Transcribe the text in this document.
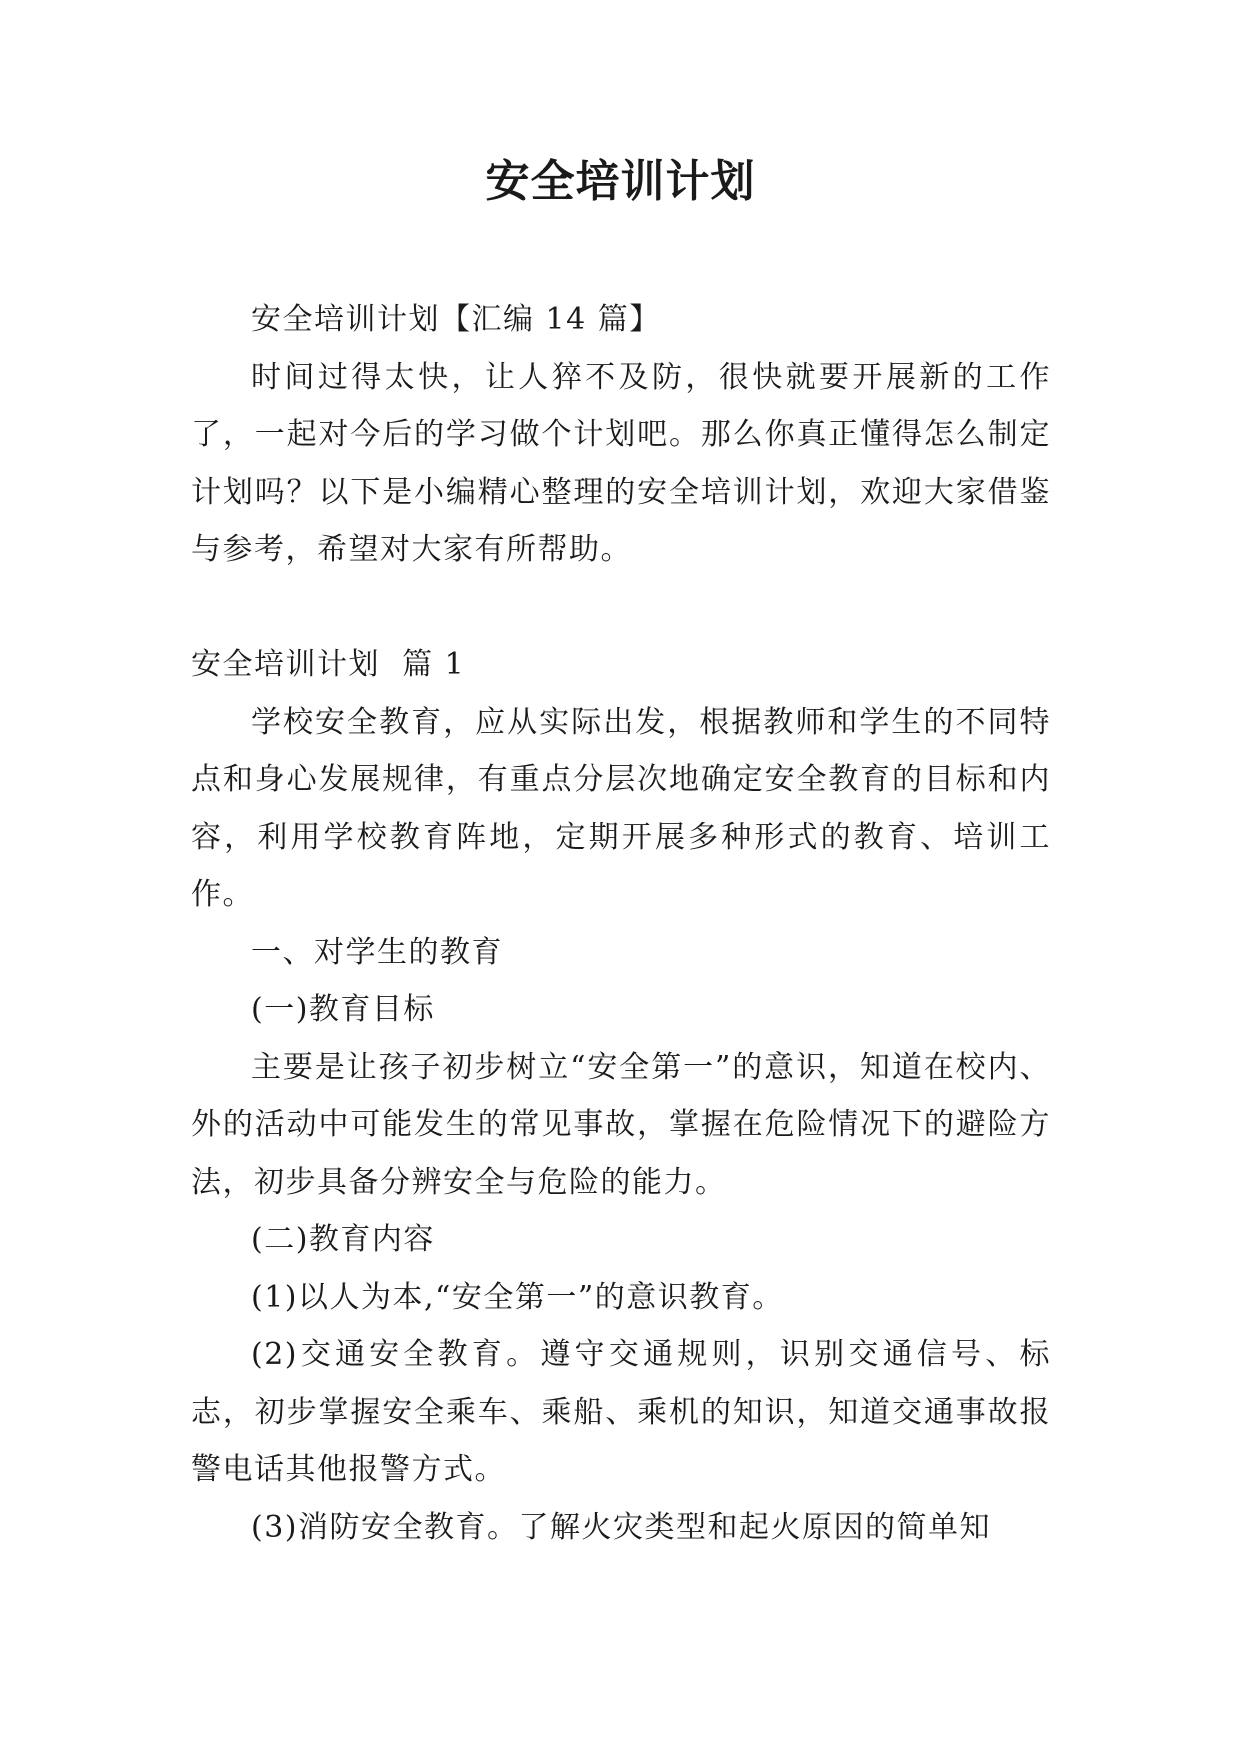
安全培训计划

安全培训计划【汇编 14 篇】

时间过得太快，让人猝不及防，很快就要开展新的工作了，一起对今后的学习做个计划吧。那么你真正懂得怎么制定计划吗？以下是小编精心整理的安全培训计划，欢迎大家借鉴与参考，希望对大家有所帮助。

安全培训计划  篇 1

学校安全教育，应从实际出发，根据教师和学生的不同特点和身心发展规律，有重点分层次地确定安全教育的目标和内容，利用学校教育阵地，定期开展多种形式的教育、培训工作。

一、对学生的教育

(一)教育目标

主要是让孩子初步树立“安全第一”的意识，知道在校内、外的活动中可能发生的常见事故，掌握在危险情况下的避险方法，初步具备分辨安全与危险的能力。

(二)教育内容

(1)以人为本,“安全第一”的意识教育。

(2)交通安全教育。遵守交通规则，识别交通信号、标志，初步掌握安全乘车、乘船、乘机的知识，知道交通事故报警电话其他报警方式。

(3)消防安全教育。了解火灾类型和起火原因的简单知
